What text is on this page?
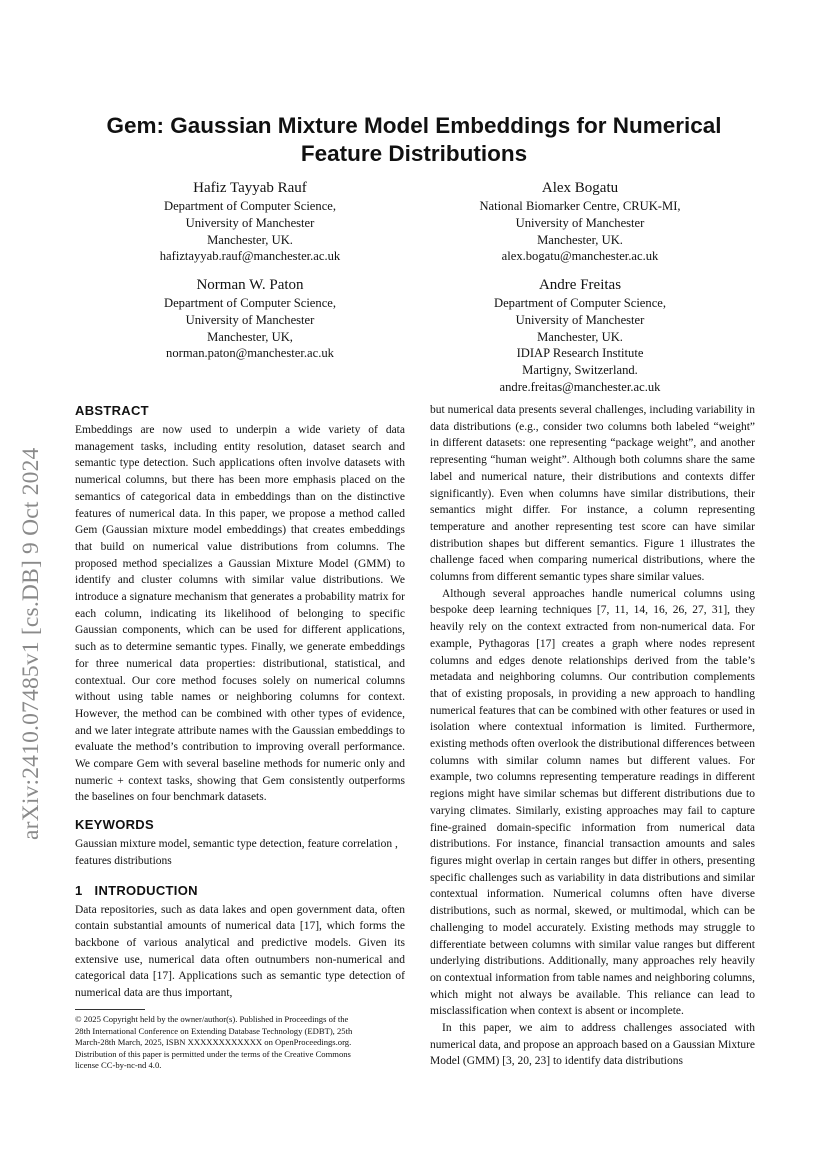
arXiv:2410.07485v1 [cs.DB] 9 Oct 2024
Gem: Gaussian Mixture Model Embeddings for Numerical
Feature Distributions
Hafiz Tayyab Rauf
Department of Computer Science,
University of Manchester
Manchester, UK.
hafiztayyab.rauf@manchester.ac.uk
Alex Bogatu
National Biomarker Centre, CRUK-MI,
University of Manchester
Manchester, UK.
alex.bogatu@manchester.ac.uk
Norman W. Paton
Department of Computer Science,
University of Manchester
Manchester, UK,
norman.paton@manchester.ac.uk
Andre Freitas
Department of Computer Science,
University of Manchester
Manchester, UK.
IDIAP Research Institute
Martigny, Switzerland.
andre.freitas@manchester.ac.uk
ABSTRACT

Embeddings are now used to underpin a wide variety of data management tasks, including entity resolution, dataset search and semantic type detection. Such applications often involve datasets with numerical columns, but there has been more emphasis placed on the semantics of categorical data in embeddings than on the distinctive features of numerical data. In this paper, we propose a method called Gem (Gaussian mixture model embeddings) that creates embeddings that build on numerical value distributions from columns. The proposed method specializes a Gaussian Mixture Model (GMM) to identify and cluster columns with similar value distributions. We introduce a signature mechanism that generates a probability matrix for each column, indicating its likelihood of belonging to specific Gaussian components, which can be used for different applications, such as to determine semantic types. Finally, we generate embeddings for three numerical data properties: distributional, statistical, and contextual. Our core method focuses solely on numerical columns without using table names or neighboring columns for context. However, the method can be combined with other types of evidence, and we later integrate attribute names with the Gaussian embeddings to evaluate the method’s contribution to improving overall performance. We compare Gem with several baseline methods for numeric only and numeric + context tasks, showing that Gem consistently outperforms the baselines on four benchmark datasets.

KEYWORDS

Gaussian mixture model, semantic type detection, feature correlation , features distributions

1 INTRODUCTION

Data repositories, such as data lakes and open government data, often contain substantial amounts of numerical data [17], which forms the backbone of various analytical and predictive models. Given its extensive use, numerical data often outnumbers non-numerical and categorical data [17]. Applications such as semantic type detection of numerical data are thus important,

© 2025 Copyright held by the owner/author(s). Published in Proceedings of the
28th International Conference on Extending Database Technology (EDBT), 25th
March-28th March, 2025, ISBN XXXXXXXXXXXX on OpenProceedings.org.
Distribution of this paper is permitted under the terms of the Creative Commons
license CC-by-nc-nd 4.0.

but numerical data presents several challenges, including variability in data distributions (e.g., consider two columns both labeled “weight” in different datasets: one representing “package weight”, and another representing “human weight”. Although both columns share the same label and numerical nature, their distributions and contexts differ significantly). Even when columns have similar distributions, their semantics might differ. For instance, a column representing temperature and another representing test score can have similar distribution shapes but different semantics. Figure 1 illustrates the challenge faced when comparing numerical distributions, where the columns from different semantic types share similar values.

Although several approaches handle numerical columns using bespoke deep learning techniques [7, 11, 14, 16, 26, 27, 31], they heavily rely on the context extracted from non-numerical data. For example, Pythagoras [17] creates a graph where nodes represent columns and edges denote relationships derived from the table’s metadata and neighboring columns. Our contribution complements that of existing proposals, in providing a new approach to handling numerical features that can be combined with other features or used in isolation where contextual information is limited. Furthermore, existing methods often overlook the distributional differences between columns with similar column names but different values. For example, two columns representing temperature readings in different regions might have similar schemas but different distributions due to varying climates. Similarly, existing approaches may fail to capture fine-grained domain-specific information from numerical data distributions. For instance, financial transaction amounts and sales figures might overlap in certain ranges but differ in others, presenting specific challenges such as variability in data distributions and similar contextual information. Numerical columns often have diverse distributions, such as normal, skewed, or multimodal, which can be challenging to model accurately. Existing methods may struggle to differentiate between columns with similar value ranges but different underlying distributions. Additionally, many approaches rely heavily on contextual information from table names and neighboring columns, which might not always be available. This reliance can lead to misclassification when context is absent or incomplete.

In this paper, we aim to address challenges associated with numerical data, and propose an approach based on a Gaussian Mixture Model (GMM) [3, 20, 23] to identify data distributions
